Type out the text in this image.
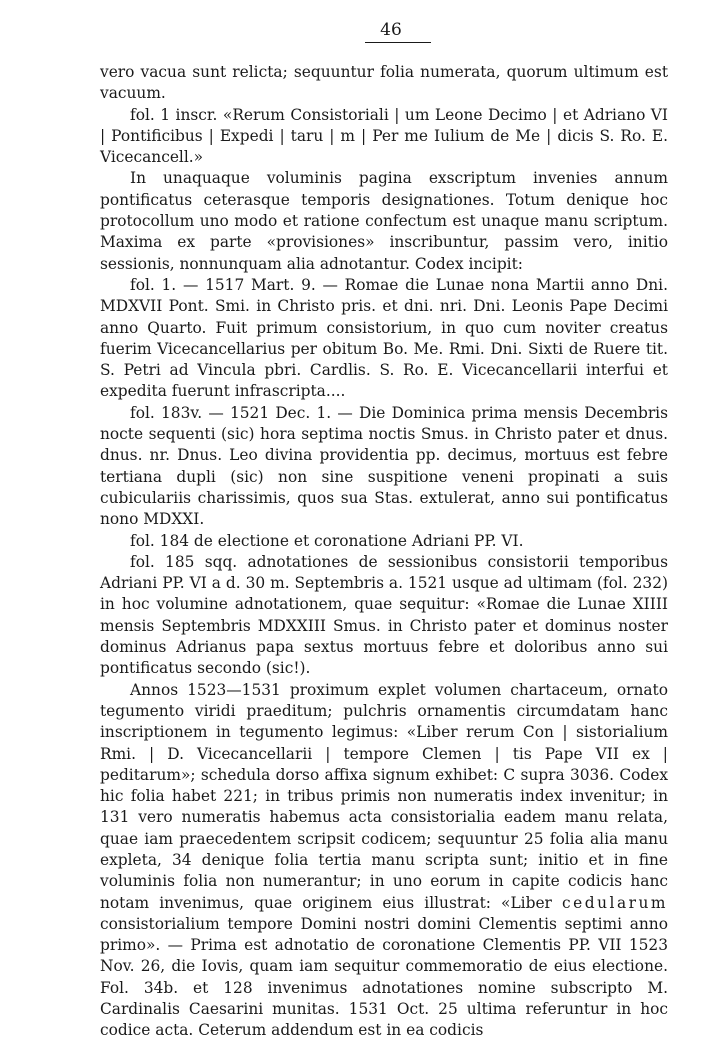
46

vero vacua sunt relicta; sequuntur folia numerata, quorum ultimum est vacuum.

fol. 1 inscr. «Rerum Consistoriali | um Leone Decimo | et Adriano VI | Pontificibus | Expedi | taru | m | Per me Iulium de Me | dicis S. Ro. E. Vicecancell.»

In unaquaque voluminis pagina exscriptum invenies annum pontificatus ceterasque temporis designationes. Totum denique hoc protocollum uno modo et ratione confectum est unaque manu scriptum. Maxima ex parte «provisiones» inscribuntur, passim vero, initio sessionis, nonnunquam alia adnotantur. Codex incipit:

fol. 1. — 1517 Mart. 9. — Romae die Lunae nona Martii anno Dni. MDXVII Pont. Smi. in Christo pris. et dni. nri. Dni. Leonis Pape Decimi anno Quarto. Fuit primum consistorium, in quo cum noviter creatus fuerim Vicecancellarius per obitum Bo. Me. Rmi. Dni. Sixti de Ruere tit. S. Petri ad Vincula pbri. Cardlis. S. Ro. E. Vicecancellarii interfui et expedita fuerunt infrascripta....

fol. 183v. — 1521 Dec. 1. — Die Dominica prima mensis Decembris nocte sequenti (sic) hora septima noctis Smus. in Christo pater et dnus. dnus. nr. Dnus. Leo divina providentia pp. decimus, mortuus est febre tertiana dupli (sic) non sine suspitione veneni propinati a suis cubiculariis charissimis, quos sua Stas. extulerat, anno sui pontificatus nono MDXXI.

fol. 184 de electione et coronatione Adriani PP. VI.

fol. 185 sqq. adnotationes de sessionibus consistorii temporibus Adriani PP. VI a d. 30 m. Septembris a. 1521 usque ad ultimam (fol. 232) in hoc volumine adnotationem, quae sequitur: «Romae die Lunae XIIII mensis Septembris MDXXIII Smus. in Christo pater et dominus noster dominus Adrianus papa sextus mortuus febre et doloribus anno sui pontificatus secondo (sic!).

Annos 1523—1531 proximum explet volumen chartaceum, ornato tegumento viridi praeditum; pulchris ornamentis circumdatam hanc inscriptionem in tegumento legimus: «Liber rerum Con | sistorialium Rmi. | D. Vicecancellarii | tempore Clemen | tis Pape VII ex | peditarum»; schedula dorso affixa signum exhibet: C supra 3036. Codex hic folia habet 221; in tribus primis non numeratis index invenitur; in 131 vero numeratis habemus acta consistorialia eadem manu relata, quae iam praecedentem scripsit codicem; sequuntur 25 folia alia manu expleta, 34 denique folia tertia manu scripta sunt; initio et in fine voluminis folia non numerantur; in uno eorum in capite codicis hanc notam invenimus, quae originem eius illustrat: «Liber cedularum consistorialium tempore Domini nostri domini Clementis septimi anno primo». — Prima est adnotatio de coronatione Clementis PP. VII 1523 Nov. 26, die Iovis, quam iam sequitur commemoratio de eius electione. Fol. 34b. et 128 invenimus adnotationes nomine subscripto M. Cardinalis Caesarini munitas. 1531 Oct. 25 ultima referuntur in hoc codice acta. Ceterum addendum est in ea codicis
